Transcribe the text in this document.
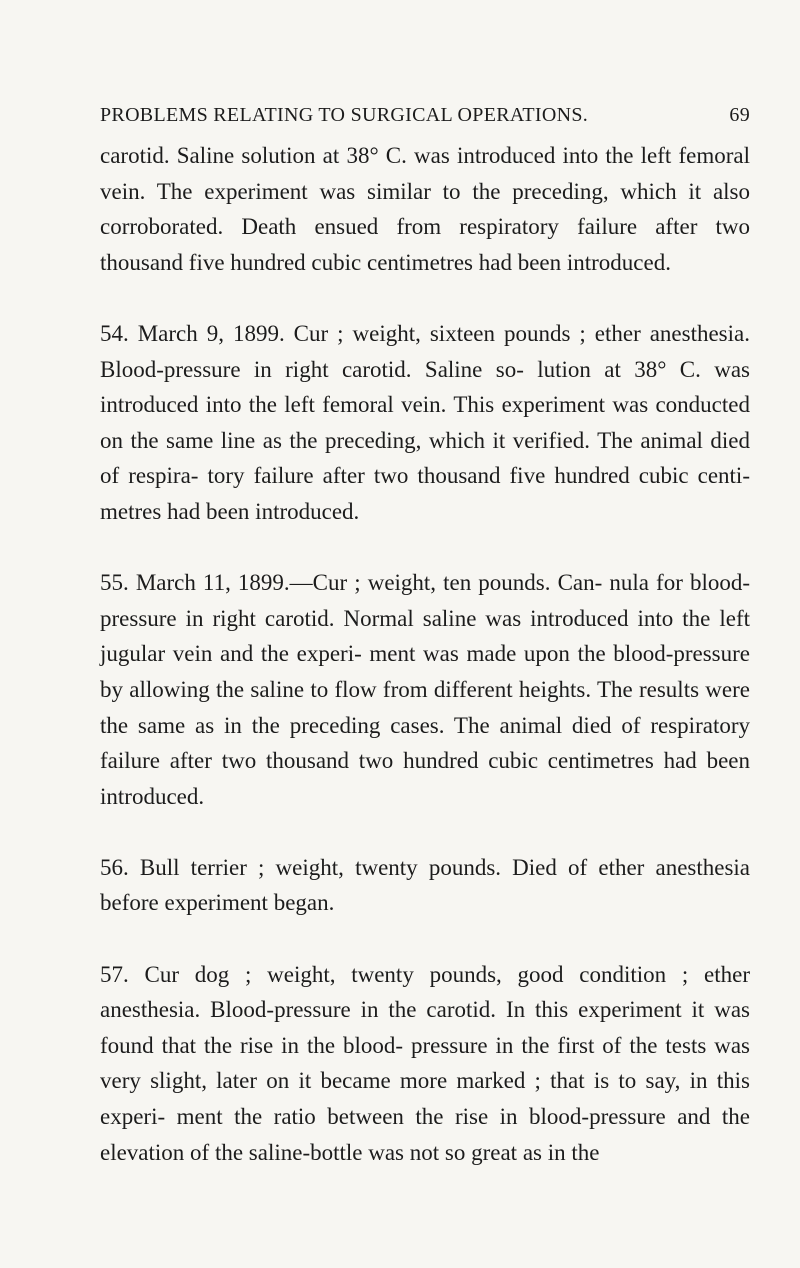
PROBLEMS RELATING TO SURGICAL OPERATIONS.	69

carotid. Saline solution at 38° C. was introduced into the left femoral vein. The experiment was similar to the preceding, which it also corroborated. Death ensued from respiratory failure after two thousand five hundred cubic centimetres had been introduced.

54. March 9, 1899. Cur ; weight, sixteen pounds ; ether anesthesia. Blood-pressure in right carotid. Saline so- lution at 38° C. was introduced into the left femoral vein. This experiment was conducted on the same line as the preceding, which it verified. The animal died of respira- tory failure after two thousand five hundred cubic centi- metres had been introduced.

55. March 11, 1899.—Cur ; weight, ten pounds. Can- nula for blood-pressure in right carotid. Normal saline was introduced into the left jugular vein and the experi- ment was made upon the blood-pressure by allowing the saline to flow from different heights. The results were the same as in the preceding cases. The animal died of respiratory failure after two thousand two hundred cubic centimetres had been introduced.

56. Bull terrier ; weight, twenty pounds. Died of ether anesthesia before experiment began.

57. Cur dog ; weight, twenty pounds, good condition ; ether anesthesia. Blood-pressure in the carotid. In this experiment it was found that the rise in the blood- pressure in the first of the tests was very slight, later on it became more marked ; that is to say, in this experi- ment the ratio between the rise in blood-pressure and the elevation of the saline-bottle was not so great as in the
